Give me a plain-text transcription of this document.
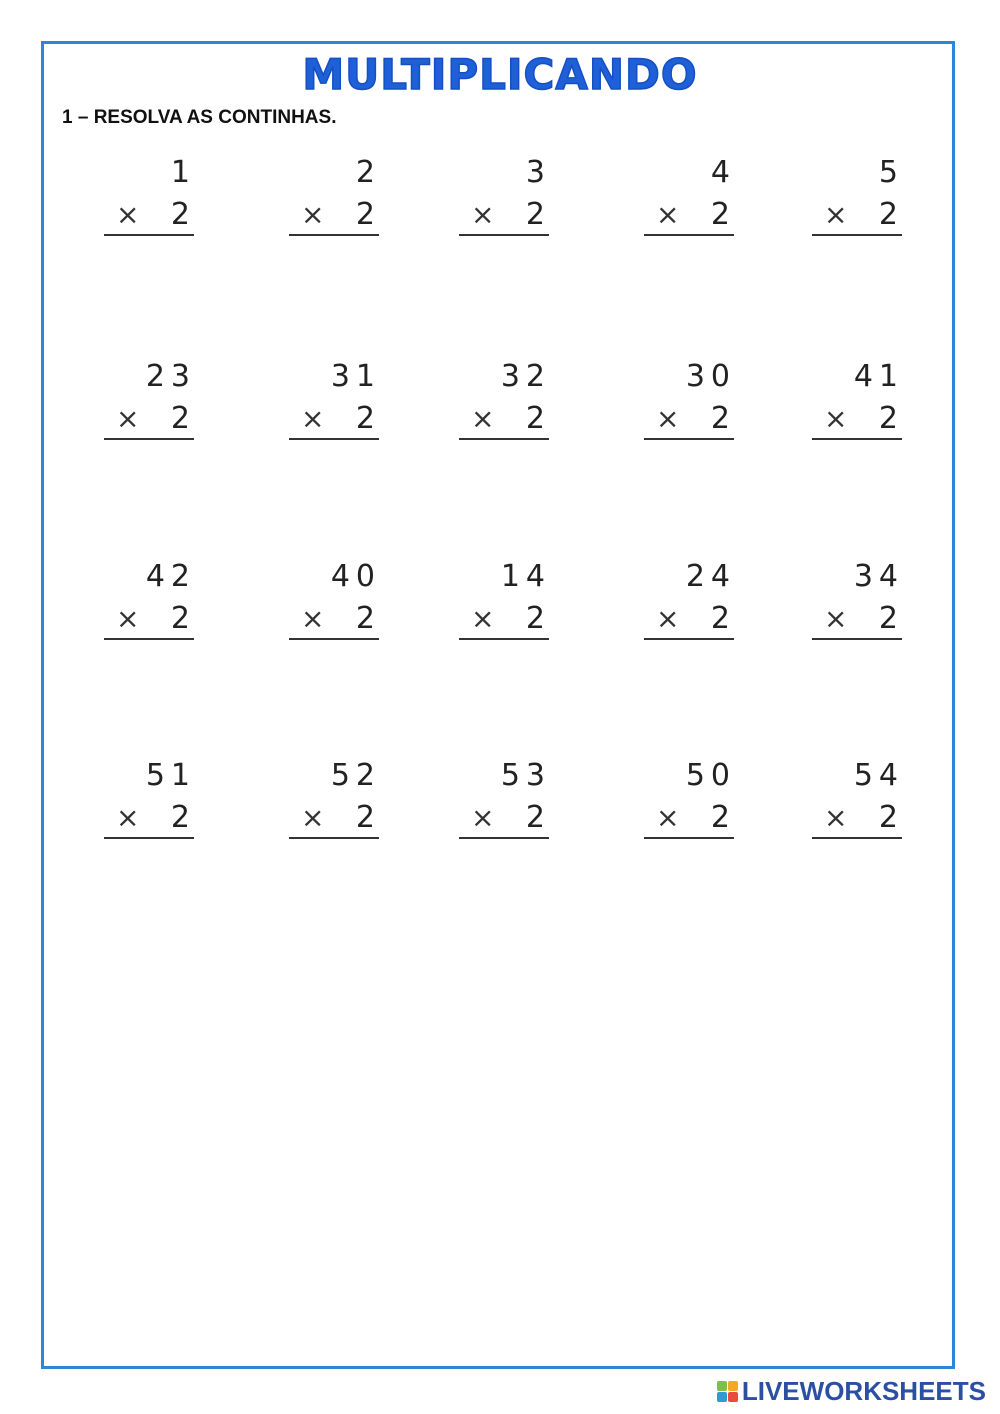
MULTIPLICANDO

1 – RESOLVA AS CONTINHAS.

1
× 2
2
× 2
3
× 2
4
× 2
5
× 2
23
× 2
31
× 2
32
× 2
30
× 2
41
× 2
42
× 2
40
× 2
14
× 2
24
× 2
34
× 2
51
× 2
52
× 2
53
× 2
50
× 2
54
× 2
LIVEWORKSHEETS
